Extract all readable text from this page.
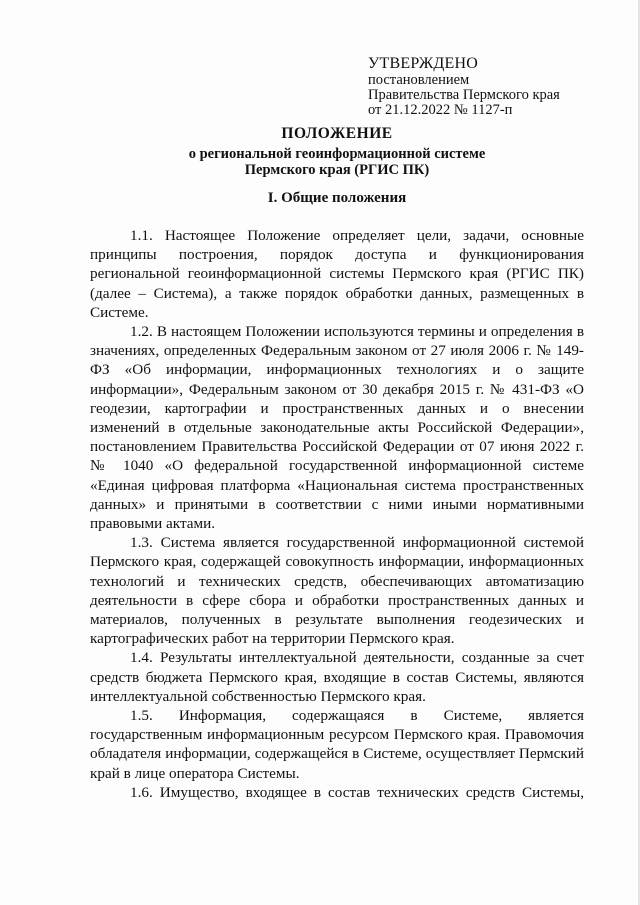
УТВЕРЖДЕНО
постановлением
Правительства Пермского края
от 21.12.2022 № 1127-п
ПОЛОЖЕНИЕ
о региональной геоинформационной системе
Пермского края (РГИС ПК)
I. Общие положения

1.1. Настоящее Положение определяет цели, задачи, основные принципы построения, порядок доступа и функционирования региональной геоинформационной системы Пермского края (РГИС ПК) (далее – Система), а также порядок обработки данных, размещенных в Системе.

1.2. В настоящем Положении используются термины и определения в значениях, определенных Федеральным законом от 27 июля 2006 г. № 149-ФЗ «Об информации, информационных технологиях и о защите информации», Федеральным законом от 30 декабря 2015 г. № 431-ФЗ «О геодезии, картографии и пространственных данных и о внесении изменений в отдельные законодательные акты Российской Федерации», постановлением Правительства Российской Федерации от 07 июня 2022 г. № 1040 «О федеральной государственной информационной системе «Единая цифровая платформа «Национальная система пространственных данных» и принятыми в соответствии с ними иными нормативными правовыми актами.

1.3. Система является государственной информационной системой Пермского края, содержащей совокупность информации, информационных технологий и технических средств, обеспечивающих автоматизацию деятельности в сфере сбора и обработки пространственных данных и материалов, полученных в результате выполнения геодезических и картографических работ на территории Пермского края.

1.4. Результаты интеллектуальной деятельности, созданные за счет средств бюджета Пермского края, входящие в состав Системы, являются интеллектуальной собственностью Пермского края.

1.5. Информация, содержащаяся в Системе, является государственным информационным ресурсом Пермского края. Правомочия обладателя информации, содержащейся в Системе, осуществляет Пермский край в лице оператора Системы.

1.6. Имущество, входящее в состав технических средств Системы,
